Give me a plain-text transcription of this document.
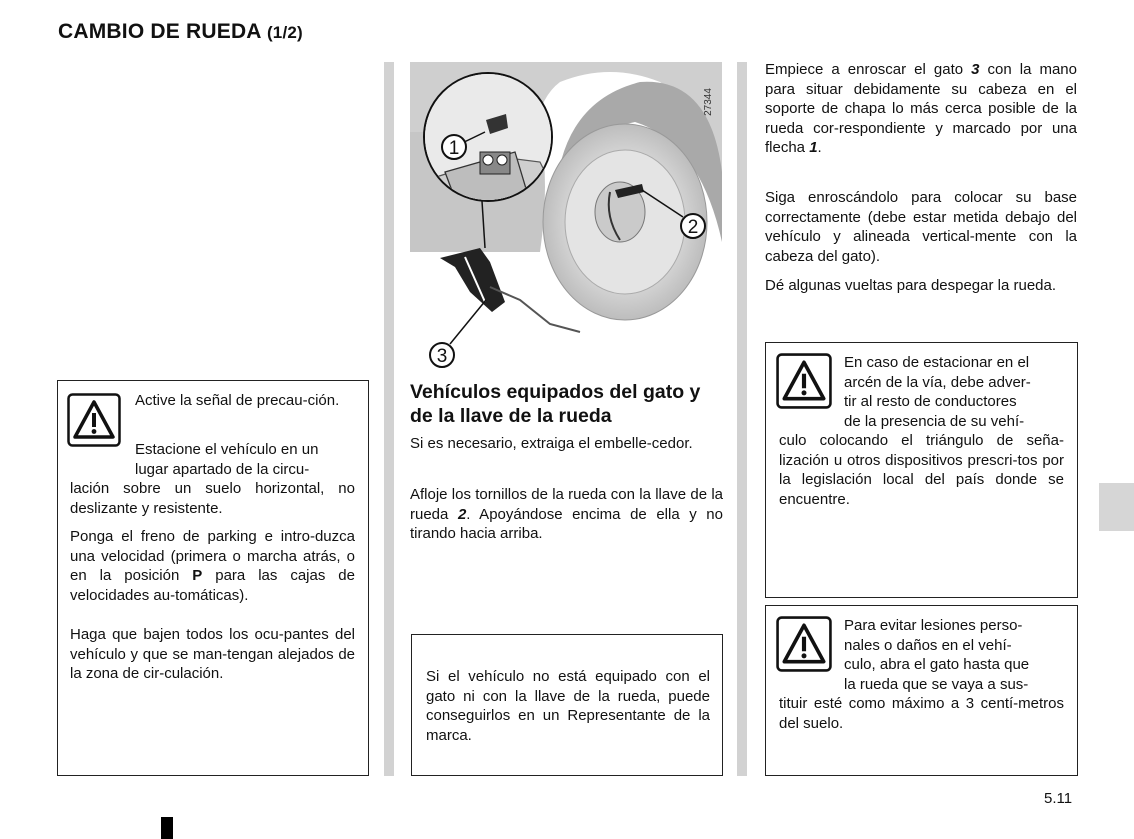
CAMBIO DE RUEDA (1/2)

Active la señal de precau-ción.

Estacione el vehículo en un

lugar apartado de la circu-

lación sobre un suelo horizontal, no deslizante y resistente.

Ponga el freno de parking e intro-duzca una velocidad (primera o marcha atrás, o en la posición P para las cajas de velocidades au-tomáticas).

Haga que bajen todos los ocu-pantes del vehículo y que se man-tengan alejados de la zona de cir-culación.

1
2
3
27344
Vehículos equipados del gato y de la llave de la rueda

Si es necesario, extraiga el embelle-cedor.

Afloje los tornillos de la rueda con la llave de la rueda 2. Apoyándose encima de ella y no tirando hacia arriba.

Si el vehículo no está equipado con el gato ni con la llave de la rueda, puede conseguirlos en un Representante de la marca.

Empiece a enroscar el gato 3 con la mano para situar debidamente su cabeza en el soporte de chapa lo más cerca posible de la rueda cor-respondiente y marcado por una flecha 1.

Siga enroscándolo para colocar su base correctamente (debe estar metida debajo del vehículo y alineada vertical-mente con la cabeza del gato).

Dé algunas vueltas para despegar la rueda.

En caso de estacionar en el

arcén de la vía, debe adver-

tir al resto de conductores

de la presencia de su vehí-

culo colocando el triángulo de seña-lización u otros dispositivos prescri-tos por la legislación local del país donde se encuentre.

Para evitar lesiones perso-

nales o daños en el vehí-

culo, abra el gato hasta que

la rueda que se vaya a sus-

tituir esté como máximo a 3 centí-metros del suelo.

5.11
